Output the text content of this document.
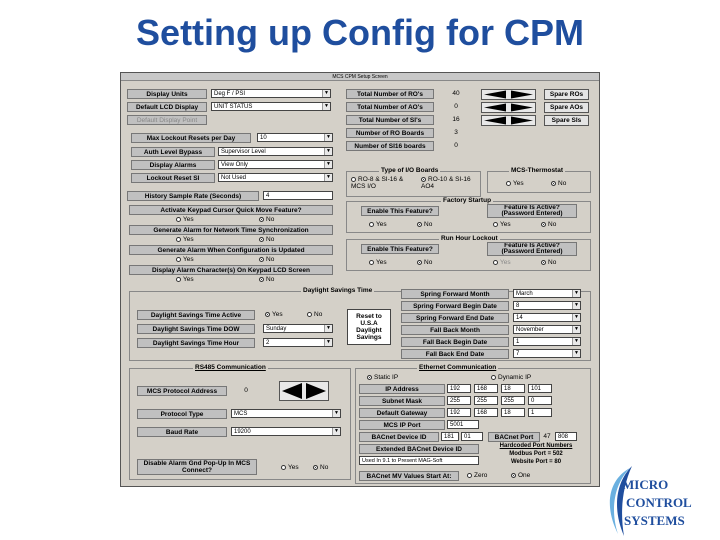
Setting up Config for CPM
MCS CPM Setup Screen
Display Units	Deg F / PSI	▼
Default LCD Display	UNIT STATUS	▼
Default Display Point
Total Number of RO's	40
Total Number of AO's	0
Total Number of SI's	16
Number of RO Boards	3
Number of SI16 boards	0
Spare ROs
Spare AOs
Spare SIs
Max Lockout Resets per Day	10	▼
Auth Level Bypass	Supervisor Level	▼
Display Alarms	View Only	▼
Lockout Reset SI	Not Used	▼
History Sample Rate (Seconds)	4
Activate Keypad Cursor Quick Move Feature?
Yes	No
Generate Alarm for Network Time Synchronization
Yes	No
Generate Alarm When Configuration is Updated
Yes	No
Display Alarm Character(s) On Keypad LCD Screen
Yes	No
Type of I/O Boards
RO-8 & SI-16 & MCS I/O
RO-10 & SI-16 AO4
MCS-Thermostat
Yes	No
Factory Startup
Enable This Feature?
Feature Is Active? (Password Entered)
Yes	No	Yes	No
Run Hour Lockout
Enable This Feature?
Feature Is Active? (Password Entered)
Yes	No	Yes	No
Daylight Savings Time
Daylight Savings Time Active	Yes	No
Daylight Savings Time DOW	Sunday	▼
Daylight Savings Time Hour	2	▼
Reset to U.S.A Daylight Savings
Spring Forward Month	March	▼
Spring Forward Begin Date	8	▼
Spring Forward End Date	14	▼
Fall Back Month	November	▼
Fall Back Begin Date	1	▼
Fall Back End Date	7	▼
RS485 Communication
MCS Protocol Address	0
Protocol Type	MCS	▼
Baud Rate	19200	▼
Disable Alarm Gnd Pop-Up In MCS Connect?	Yes	No
Ethernet Communication
Static IP	Dynamic IP
IP Address	192	168	18	101
Subnet Mask	255	255	255	0
Default Gateway	192	168	18	1
MCS IP Port	5001
BACnet Device ID	181	01	BACnet Port	47	808
Extended BACnet Device ID
Used In 9.1 to Present MAG-Soft
Hardcoded Port Numbers
Modbus Port = 502
Website Port = 80
BACnet MV Values Start At:	Zero	One
MICRO
CONTROL
SYSTEMS
